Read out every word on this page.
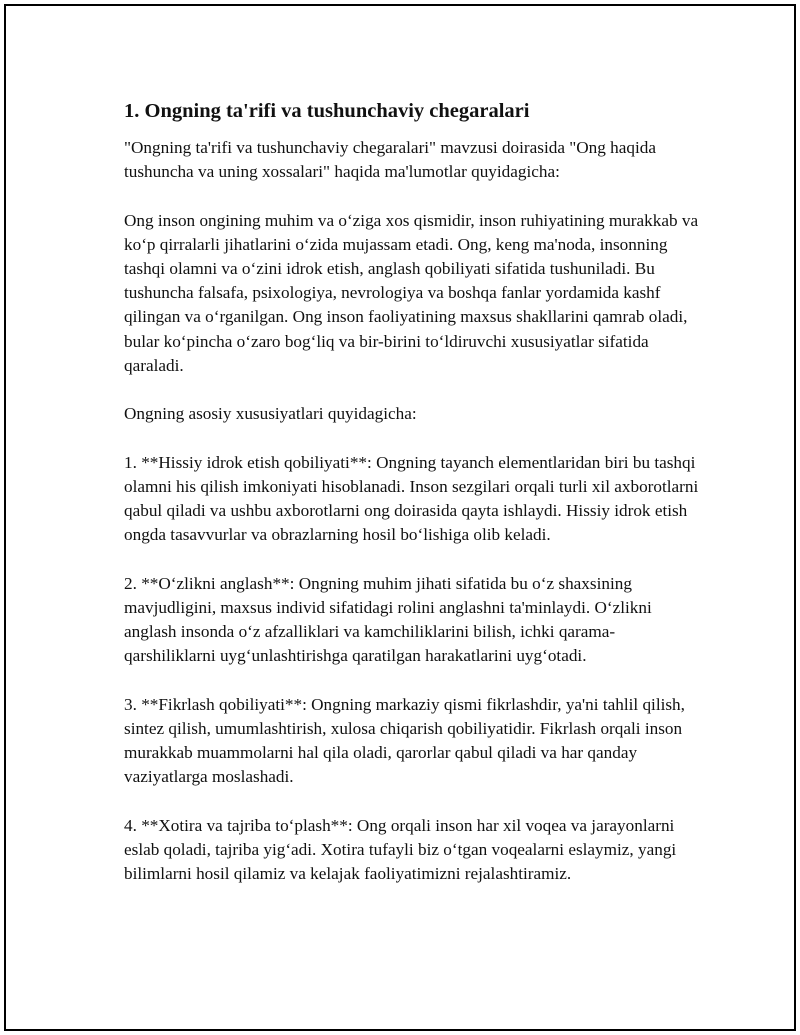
1. Ongning ta'rifi va tushunchaviy chegaralari

"Ongning ta'rifi va tushunchaviy chegaralari" mavzusi doirasida "Ong haqida tushuncha va uning xossalari" haqida ma'lumotlar quyidagicha:

Ong inson ongining muhim va o‘ziga xos qismidir, inson ruhiyatining murakkab va ko‘p qirralarli jihatlarini o‘zida mujassam etadi. Ong, keng ma'noda, insonning tashqi olamni va o‘zini idrok etish, anglash qobiliyati sifatida tushuniladi. Bu tushuncha falsafa, psixologiya, nevrologiya va boshqa fanlar yordamida kashf qilingan va o‘rganilgan. Ong inson faoliyatining maxsus shakllarini qamrab oladi, bular ko‘pincha o‘zaro bog‘liq va bir-birini to‘ldiruvchi xususiyatlar sifatida qaraladi.

Ongning asosiy xususiyatlari quyidagicha:

1. **Hissiy idrok etish qobiliyati**: Ongning tayanch elementlaridan biri bu tashqi olamni his qilish imkoniyati hisoblanadi. Inson sezgilari orqali turli xil axborotlarni qabul qiladi va ushbu axborotlarni ong doirasida qayta ishlaydi. Hissiy idrok etish ongda tasavvurlar va obrazlarning hosil bo‘lishiga olib keladi.

2. **O‘zlikni anglash**: Ongning muhim jihati sifatida bu o‘z shaxsining mavjudligini, maxsus individ sifatidagi rolini anglashni ta'minlaydi. O‘zlikni anglash insonda o‘z afzalliklari va kamchiliklarini bilish, ichki qarama-qarshiliklarni uyg‘unlashtirishga qaratilgan harakatlarini uyg‘otadi.

3. **Fikrlash qobiliyati**: Ongning markaziy qismi fikrlashdir, ya'ni tahlil qilish, sintez qilish, umumlashtirish, xulosa chiqarish qobiliyatidir. Fikrlash orqali inson murakkab muammolarni hal qila oladi, qarorlar qabul qiladi va har qanday vaziyatlarga moslashadi.

4. **Xotira va tajriba to‘plash**: Ong orqali inson har xil voqea va jarayonlarni eslab qoladi, tajriba yig‘adi. Xotira tufayli biz o‘tgan voqealarni eslaymiz, yangi bilimlarni hosil qilamiz va kelajak faoliyatimizni rejalashtiramiz.
